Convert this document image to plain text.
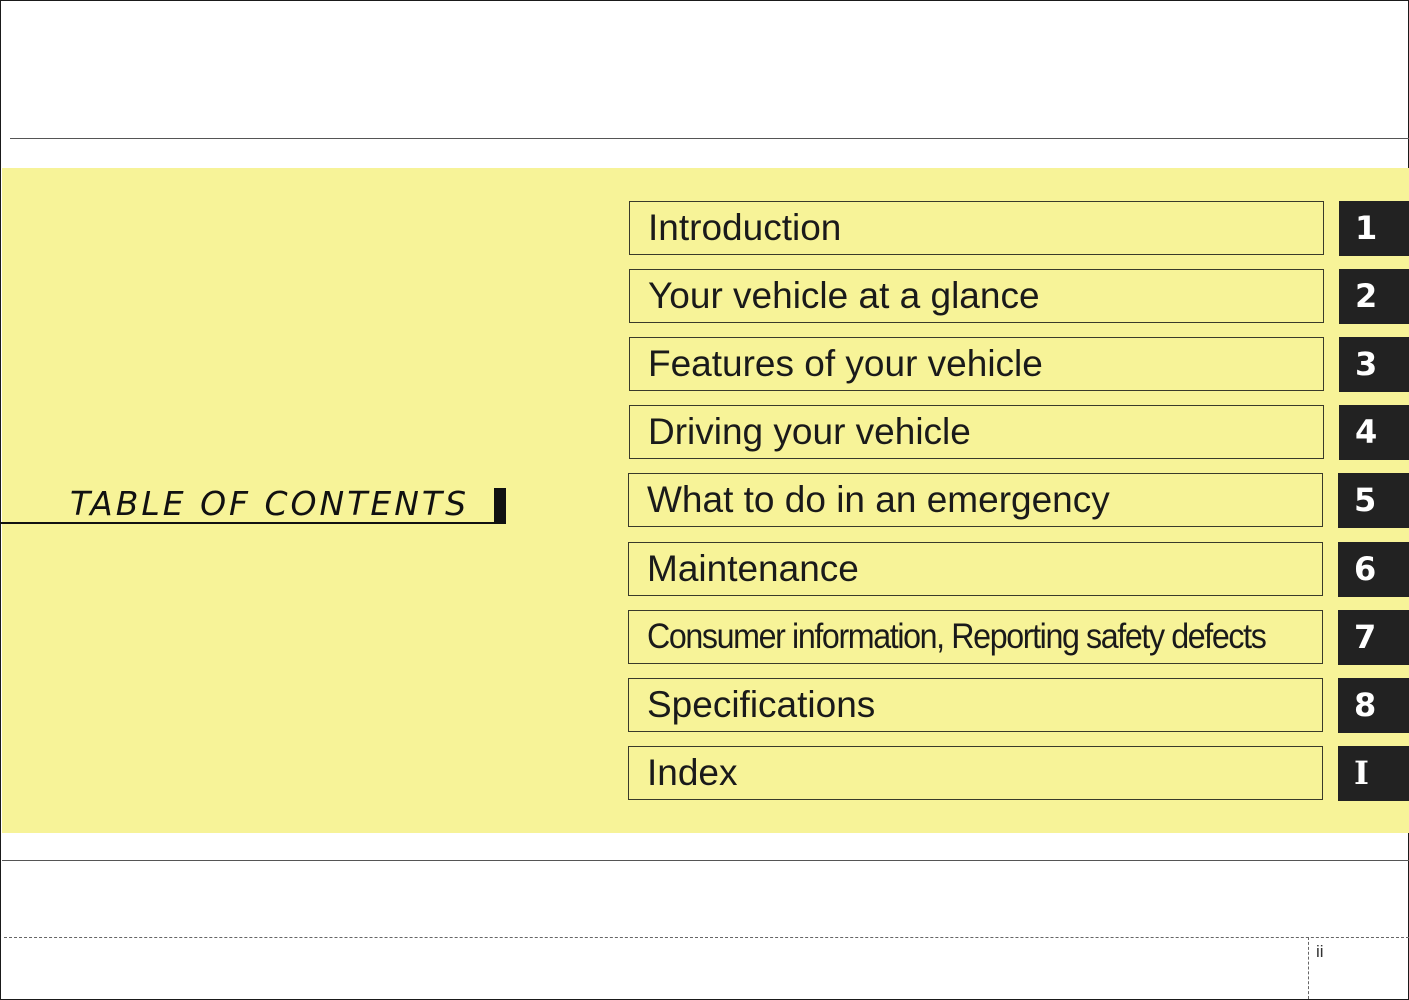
TABLE OF CONTENTS
Introduction	1
Your vehicle at a glance	2
Features of your vehicle	3
Driving your vehicle	4
What to do in an emergency	5
Maintenance	6
Consumer information, Reporting safety defects	7
Specifications	8
Index	I
ii
